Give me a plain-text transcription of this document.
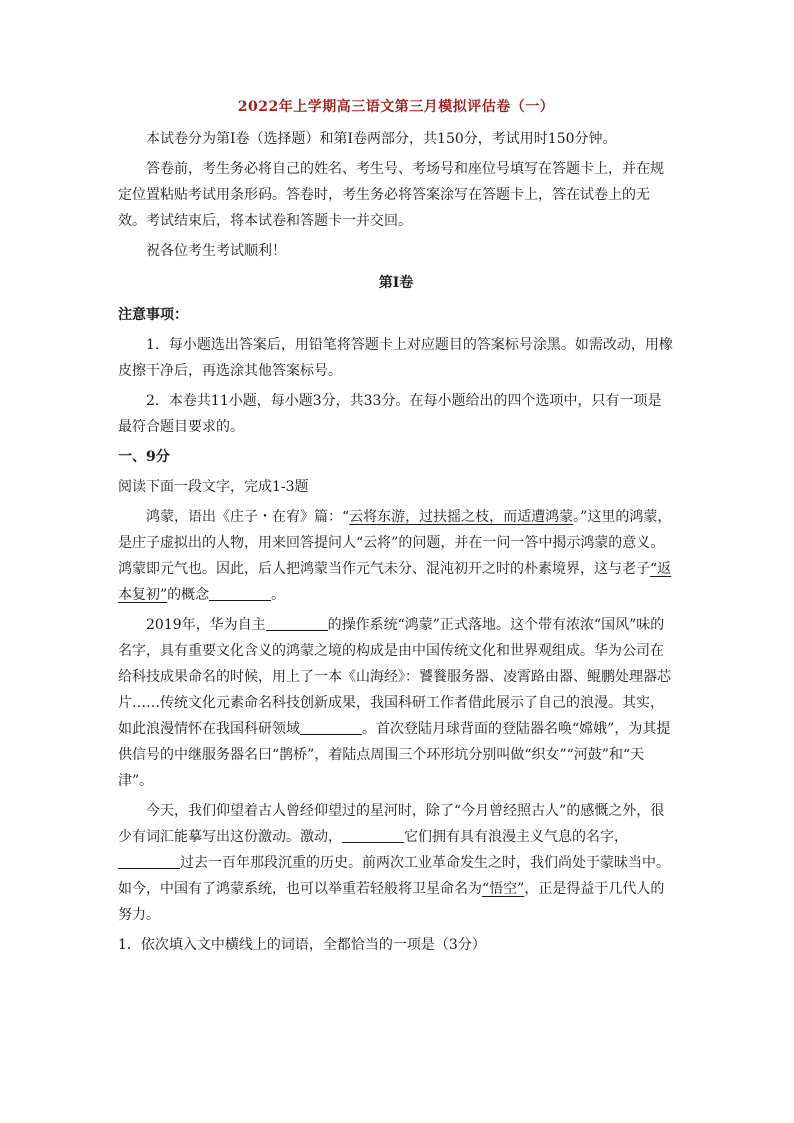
2022年上学期高三语文第三月模拟评估卷（一）

本试卷分为第Ⅰ卷（选择题）和第Ⅰ卷两部分，共150分，考试用时150分钟。

答卷前，考生务必将自己的姓名、考生号、考场号和座位号填写在答题卡上，并在规定位置粘贴考试用条形码。答卷时，考生务必将答案涂写在答题卡上，答在试卷上的无效。考试结束后，将本试卷和答题卡一并交回。

祝各位考生考试顺利！

第Ⅰ卷

注意事项：

1．每小题选出答案后，用铅笔将答题卡上对应题目的答案标号涂黑。如需改动，用橡皮擦干净后，再选涂其他答案标号。

2．本卷共11小题，每小题3分，共33分。在每小题给出的四个选项中，只有一项是最符合题目要求的。

一、9分

阅读下面一段文字，完成1-3题

鸿蒙，语出《庄子・在宥》篇：“云将东游，过扶摇之枝，而适遭鸿蒙。”这里的鸿蒙，是庄子虚拟出的人物，用来回答提问人“云将”的问题，并在一问一答中揭示鸿蒙的意义。鸿蒙即元气也。因此，后人把鸿蒙当作元气未分、混沌初开之时的朴素境界，这与老子“返本复初”的概念	。

2019年，华为自主	的操作系统“鸿蒙”正式落地。这个带有浓浓“国风”味的名字，具有重要文化含义的鸿蒙之境的构成是由中国传统文化和世界观组成。华为公司在给科技成果命名的时候，用上了一本《山海经》：饕餮服务器、凌霄路由器、鲲鹏处理器芯片……传统文化元素命名科技创新成果，我国科研工作者借此展示了自己的浪漫。其实，如此浪漫情怀在我国科研领域	。首次登陆月球背面的登陆器名唤“嫦娥”，为其提供信号的中继服务器名曰“鹊桥”，着陆点周围三个环形坑分别叫做“织女”“河鼓”和“天津”。

今天，我们仰望着古人曾经仰望过的星河时，除了“今月曾经照古人”的感慨之外，很少有词汇能摹写出这份激动。激动，	它们拥有具有浪漫主义气息的名字，过去一百年那段沉重的历史。前两次工业革命发生之时，我们尚处于蒙昧当中。如今，中国有了鸿蒙系统，也可以举重若轻般将卫星命名为“悟空”，正是得益于几代人的努力。

1．依次填入文中横线上的词语，全都恰当的一项是（3分）
